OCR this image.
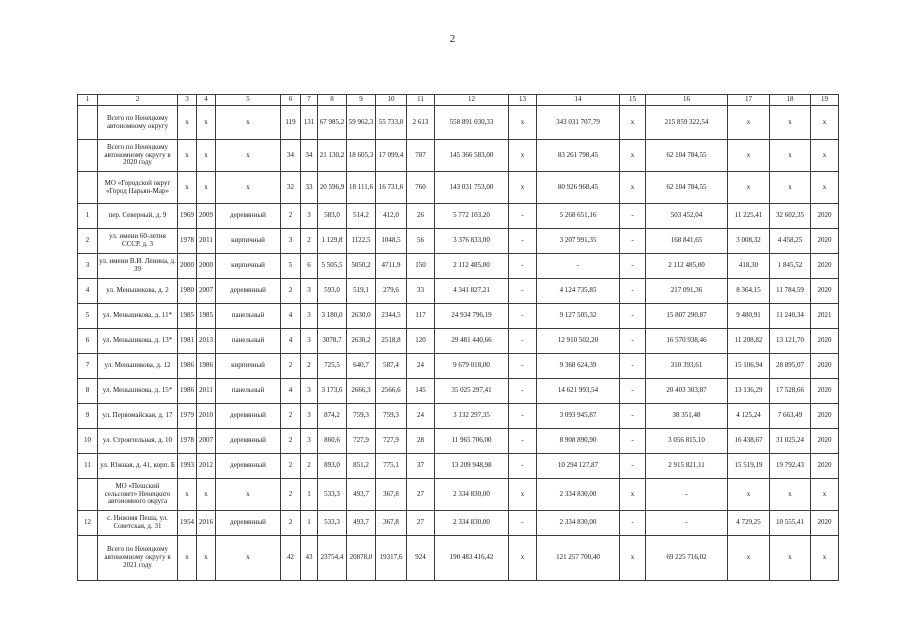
2
1	2	3	4	5	6	7	8	9	10	11	12	13	14	15	16	17	18	19
	Всего по Ненецкому автономному округу	х	х	х	119	131	67 985,2	59 962,3	55 733,0	2 613	558 891 030,33	х	343 031 707,79	х	215 859 322,54	х	х	х
	Всего по Ненецкому автономному округу в 2020 году	х	х	х	34	34	21 130,2	18 605,3	17 099,4	787	145 366 583,00	х	83 261 798,45	х	62 104 784,55	х	х	х
	МО «Городской округ «Город Нарьян-Мар»	х	х	х	32	33	20 596,9	18 111,6	16 731,6	760	143 031 753,00	х	80 926 968,45	х	62 104 784,55	х	х	х
1	пер. Северный, д. 9	1969	2009	деревянный	2	3	583,0	514,2	412,0	26	5 772 103,20	-	5 268 651,16	-	503 452,04	11 225,41	32 602,35	2020
2	ул. имени 60-летия СССР, д. 3	1978	2011	кирпичный	3	2	1 129,8	1122,5	1048,5	56	3 376 833,00	-	3 207 991,35	-	168 841,65	3 008,32	4 458,25	2020
3	ул. имени В.И. Ленина, д. 39	2000	2000	кирпичный	5	6	5 505,5	5050,2	4711,9	150	2 112 485,00	-	-	-	2 112 485,00	418,30	1 845,52	2020
4	ул. Меньшикова, д. 2	1980	2007	деревянный	2	3	593,0	519,1	279,6	33	4 341 827,21	-	4 124 735,85	-	217 091,36	8 364,15	11 784,59	2020
5	ул. Меньшикова, д. 11*	1985	1985	панельный	4	3	3 180,0	2630,0	2344,5	117	24 934 796,19	-	9 127 505,32	-	15 807 290,87	9 480,91	11 240,34	2021
6	ул. Меньшикова, д. 13*	1981	2013	панельный	4	3	3078,7	2630,2	2518,8	120	29 481 440,66	-	12 910 502,20	-	16 570 938,46	11 208,82	13 121,70	2020
7	ул. Меньшикова, д. 12	1986	1986	кирпичный	2	2	725,5	640,7	587,4	24	9 679 018,00	-	9 368 624,39	-	310 393,61	15 106,94	28 895,07	2020
8	ул. Меньшикова, д. 15*	1986	2011	панельный	4	3	3 173,6	2666,3	2566,6	145	35 025 297,41	-	14 621 993,54	-	20 403 303,87	13 136,29	17 528,66	2020
9	ул. Первомайская, д. 17	1979	2010	деревянный	2	3	874,2	759,3	759,3	24	3 132 297,35	-	3 093 945,87	-	38 351,48	4 125,24	7 663,49	2020
10	ул. Строительная, д. 10	1978	2007	деревянный	2	3	860,6	727,9	727,9	28	11 965 706,00	-	8 908 890,90	-	3 056 815,10	16 438,67	31 025,24	2020
11	ул. Южная, д. 41, корп. Б	1993	2012	деревянный	2	2	893,0	851,2	775,1	37	13 209 948,98	-	10 294 127,87	-	2 915 821,11	15 519,19	19 792,43	2020
	МО «Пешский сельсовет» Ненецкого автономного округа	х	х	х	2	1	533,3	493,7	367,8	27	2 334 830,00	х	2 334 830,00	х	-	х	х	х
12	с. Нижняя Пеша, ул. Советская, д. 31	1954	2016	деревянный	2	1	533,3	493,7	367,8	27	2 334 830,00	-	2 334 830,00	-	-	4 729,25	10 555,41	2020
	Всего по Ненецкому автономному округу в 2021 году	х	х	х	42	43	23754,4	20878,0	19317,6	924	190 483 416,42	х	121 257 700,40	х	69 225 716,02	х	х	х
